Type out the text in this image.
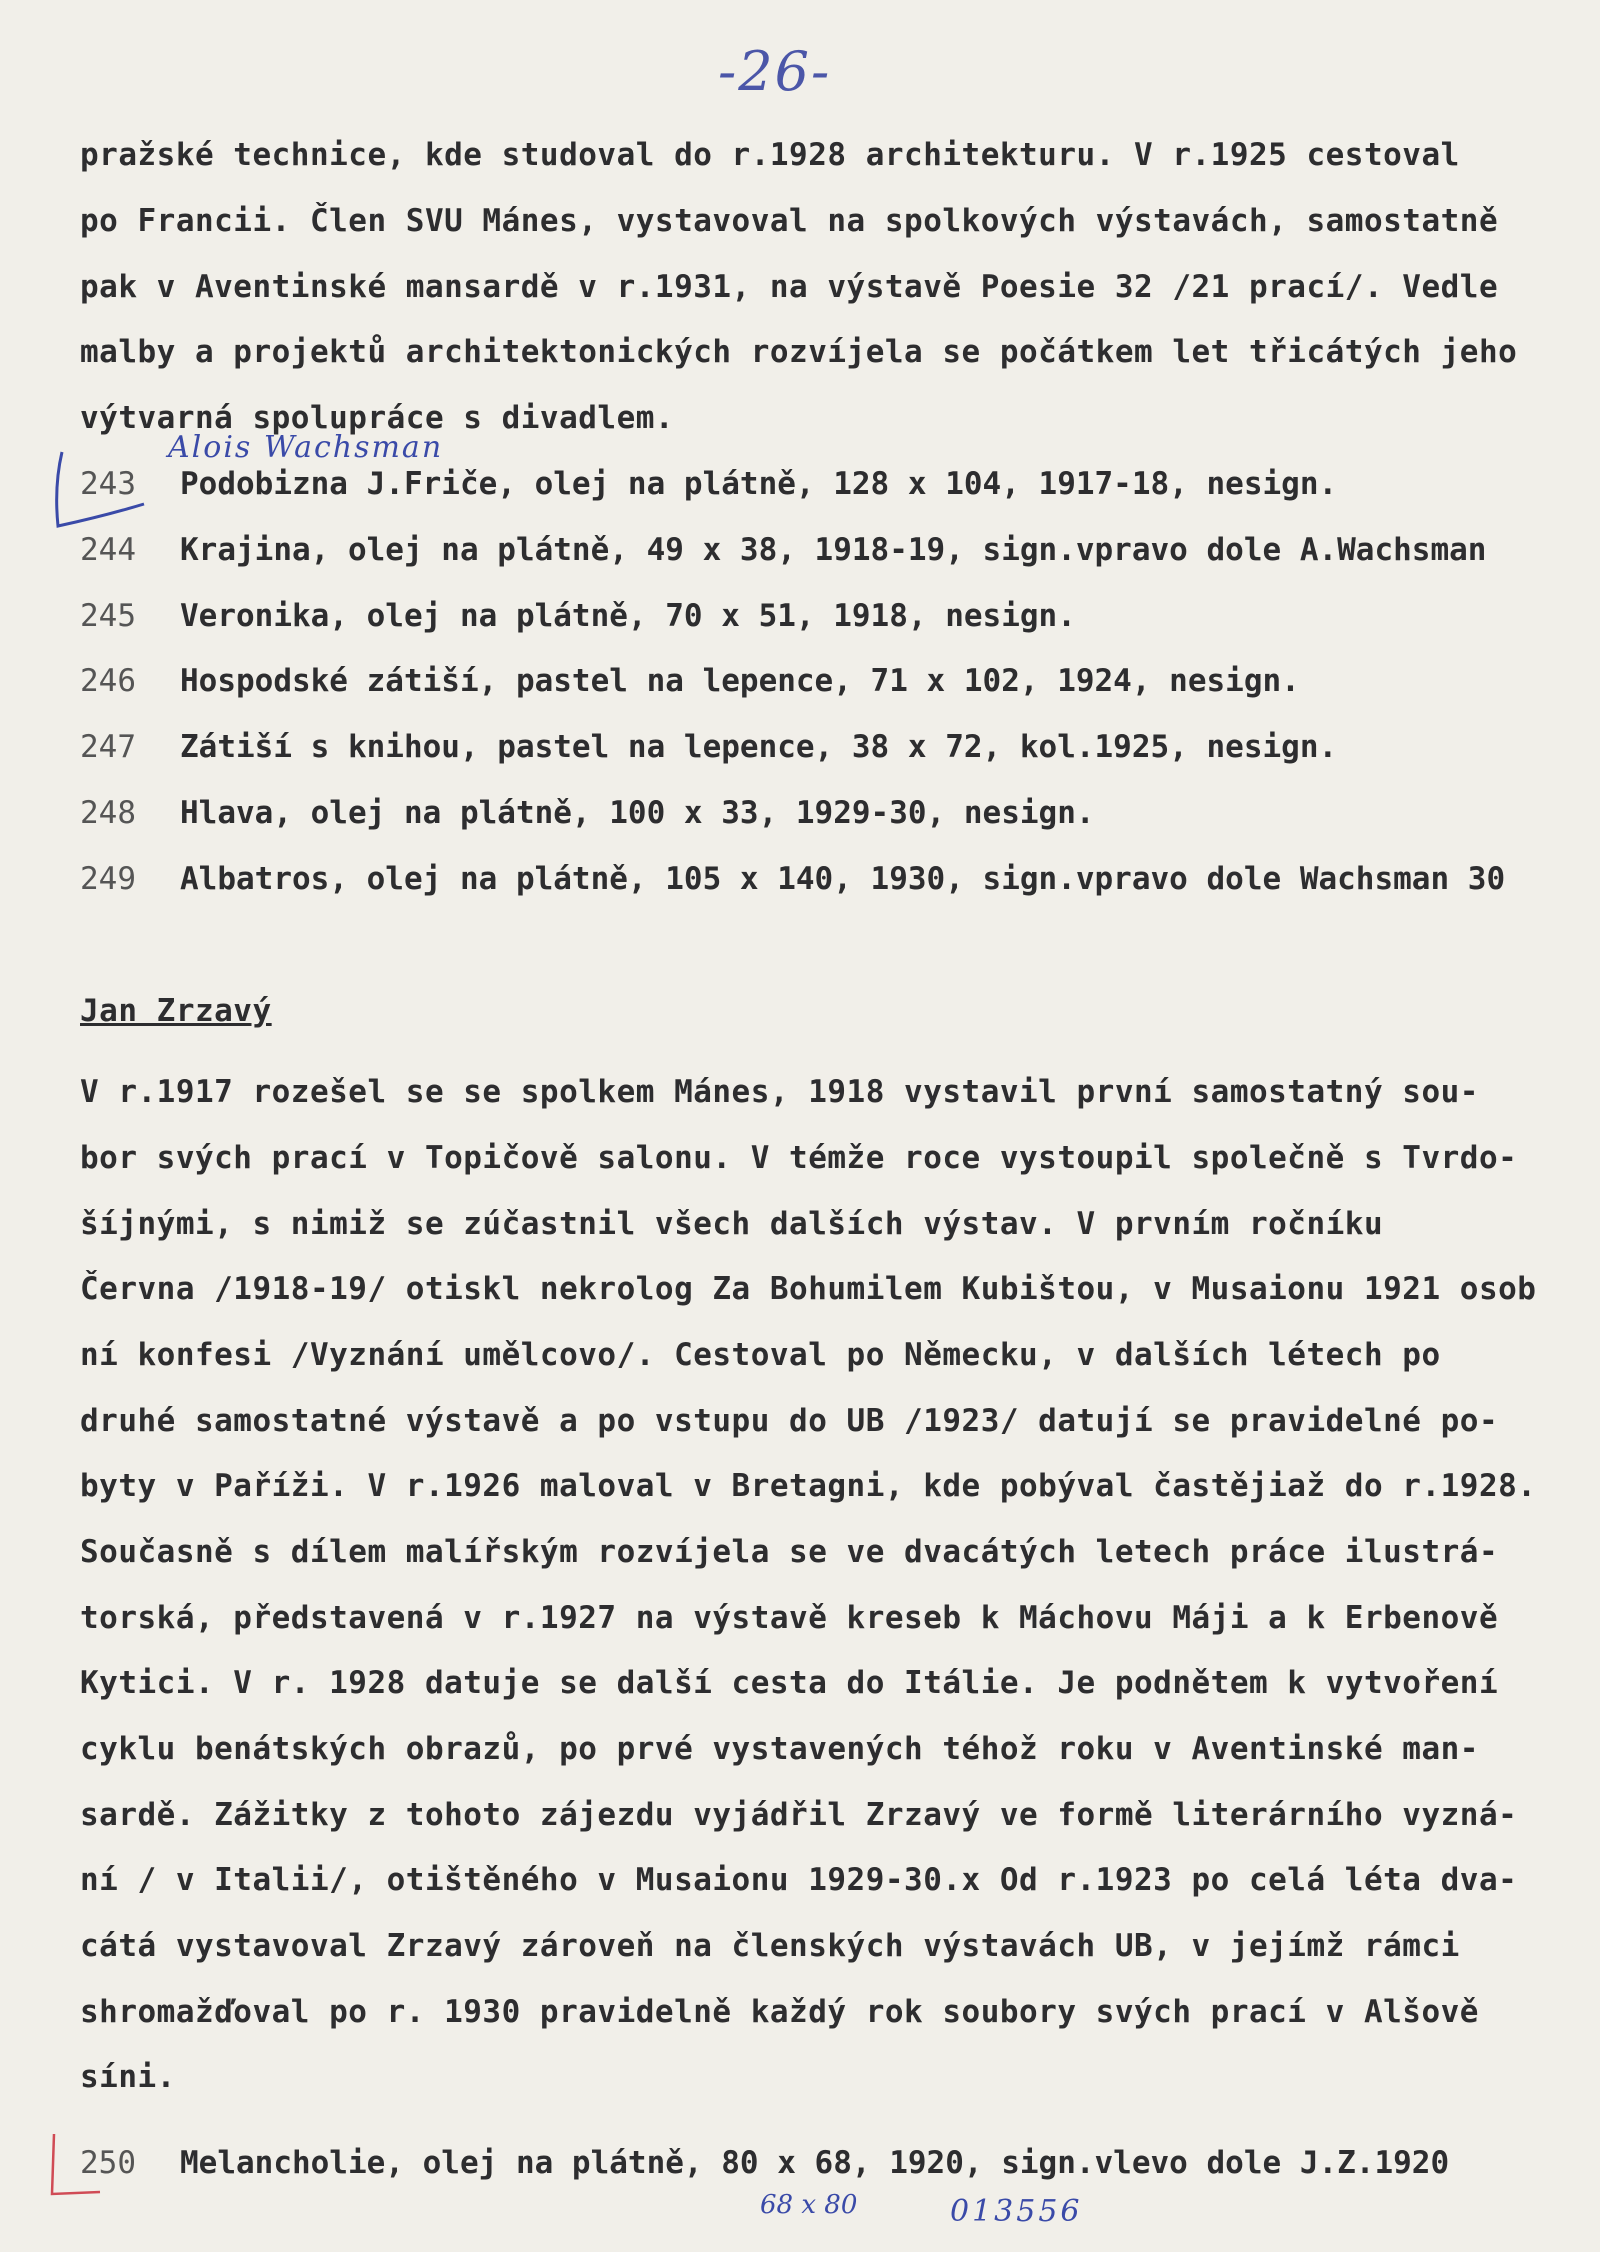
-26-
pražské technice, kde studoval do r.1928 architekturu. V r.1925 cestoval
po Francii. Člen SVU Mánes, vystavoval na spolkových výstavách, samostatně
pak v Aventinské mansardě v r.1931, na výstavě Poesie 32 /21 prací/. Vedle
malby a projektů architektonických rozvíjela se počátkem let třicátých jeho
výtvarná spolupráce s divadlem.
Alois Wachsman
243 Podobizna J.Friče, olej na plátně, 128 x 104, 1917-18, nesign.
244 Krajina, olej na plátně, 49 x 38, 1918-19, sign.vpravo dole A.Wachsman
245 Veronika, olej na plátně, 70 x 51, 1918, nesign.
246 Hospodské zátiší, pastel na lepence, 71 x 102, 1924, nesign.
247 Zátiší s knihou, pastel na lepence, 38 x 72, kol.1925, nesign.
248 Hlava, olej na plátně, 100 x 33, 1929-30, nesign.
249 Albatros, olej na plátně, 105 x 140, 1930, sign.vpravo dole Wachsman 30
Jan Zrzavý
V r.1917 rozešel se se spolkem Mánes, 1918 vystavil první samostatný sou-
bor svých prací v Topičově salonu. V témže roce vystoupil společně s Tvrdo-
šíjnými, s nimiž se zúčastnil všech dalších výstav. V prvním ročníku
Června /1918-19/ otiskl nekrolog Za Bohumilem Kubištou, v Musaionu 1921 osob
ní konfesi /Vyznání umělcovo/. Cestoval po Německu, v dalších létech po
druhé samostatné výstavě a po vstupu do UB /1923/ datují se pravidelné po-
byty v Paříži. V r.1926 maloval v Bretagni, kde pobýval častějiaž do r.1928.
Současně s dílem malířským rozvíjela se ve dvacátých letech práce ilustrá-
torská, představená v r.1927 na výstavě kreseb k Máchovu Máji a k Erbenově
Kytici. V r. 1928 datuje se další cesta do Itálie. Je podnětem k vytvoření
cyklu benátských obrazů, po prvé vystavených téhož roku v Aventinské man-
sardě. Zážitky z tohoto zájezdu vyjádřil Zrzavý ve formě literárního vyzná-
ní / v Italii/, otištěného v Musaionu 1929-30.x Od r.1923 po celá léta dva-
cátá vystavoval Zrzavý zároveň na členských výstavách UB, v jejímž rámci
shromažďoval po r. 1930 pravidelně každý rok soubory svých prací v Alšově
síni.
250 Melancholie, olej na plátně, 80 x 68, 1920, sign.vlevo dole J.Z.1920
68 x 80	013556
